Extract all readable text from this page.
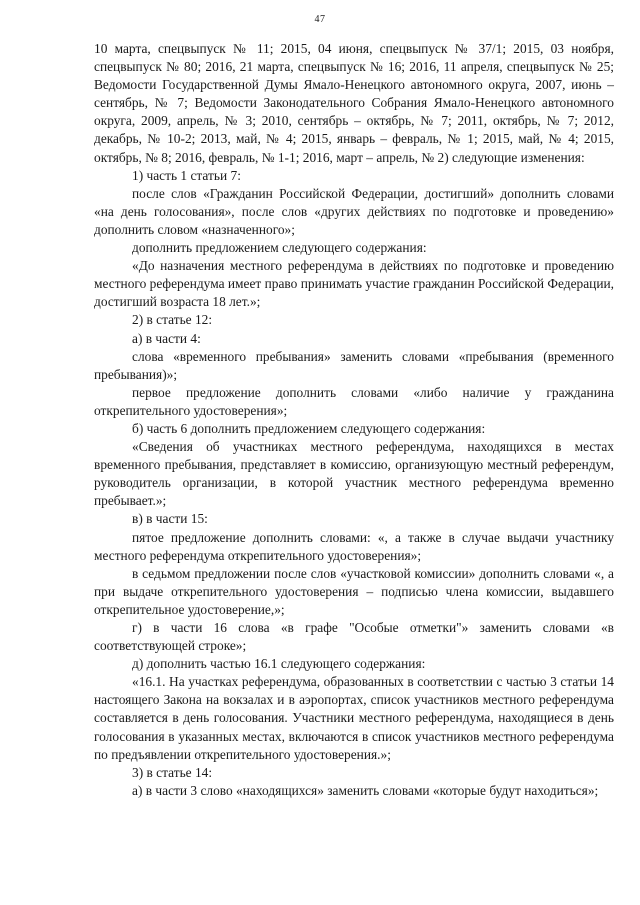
47

10 марта, спецвыпуск № 11; 2015, 04 июня, спецвыпуск № 37/1; 2015, 03 ноября, спецвыпуск № 80; 2016, 21 марта, спецвыпуск № 16; 2016, 11 апреля, спецвыпуск № 25; Ведомости Государственной Думы Ямало-Ненецкого автономного округа, 2007, июнь – сентябрь, № 7; Ведомости Законодательного Собрания Ямало-Ненецкого автономного округа, 2009, апрель, № 3; 2010, сентябрь – октябрь, № 7; 2011, октябрь, № 7; 2012, декабрь, № 10-2; 2013, май, № 4; 2015, январь – февраль, № 1; 2015, май, № 4; 2015, октябрь, № 8; 2016, февраль, № 1-1; 2016, март – апрель, № 2) следующие изменения:

1) часть 1 статьи 7:

после слов «Гражданин Российской Федерации, достигший» дополнить словами «на день голосования», после слов «других действиях по подготовке и проведению» дополнить словом «назначенного»;

дополнить предложением следующего содержания:

«До назначения местного референдума в действиях по подготовке и проведению местного референдума имеет право принимать участие гражданин Российской Федерации, достигший возраста 18 лет.»;

2) в статье 12:

а) в части 4:

слова «временного пребывания» заменить словами «пребывания (временного пребывания)»;

первое предложение дополнить словами «либо наличие у гражданина открепительного удостоверения»;

б) часть 6 дополнить предложением следующего содержания:

«Сведения об участниках местного референдума, находящихся в местах временного пребывания, представляет в комиссию, организующую местный референдум, руководитель организации, в которой участник местного референдума временно пребывает.»;

в) в части 15:

пятое предложение дополнить словами: «, а также в случае выдачи участнику местного референдума открепительного удостоверения»;

в седьмом предложении после слов «участковой комиссии» дополнить словами «, а при выдаче открепительного удостоверения – подписью члена комиссии, выдавшего открепительное удостоверение,»;

г) в части 16 слова «в графе "Особые отметки"» заменить словами «в соответствующей строке»;

д) дополнить частью 16.1 следующего содержания:

«16.1. На участках референдума, образованных в соответствии с частью 3 статьи 14 настоящего Закона на вокзалах и в аэропортах, список участников местного референдума составляется в день голосования. Участники местного референдума, находящиеся в день голосования в указанных местах, включаются в список участников местного референдума по предъявлении открепительного удостоверения.»;

3) в статье 14:

а) в части 3 слово «находящихся» заменить словами «которые будут находиться»;
